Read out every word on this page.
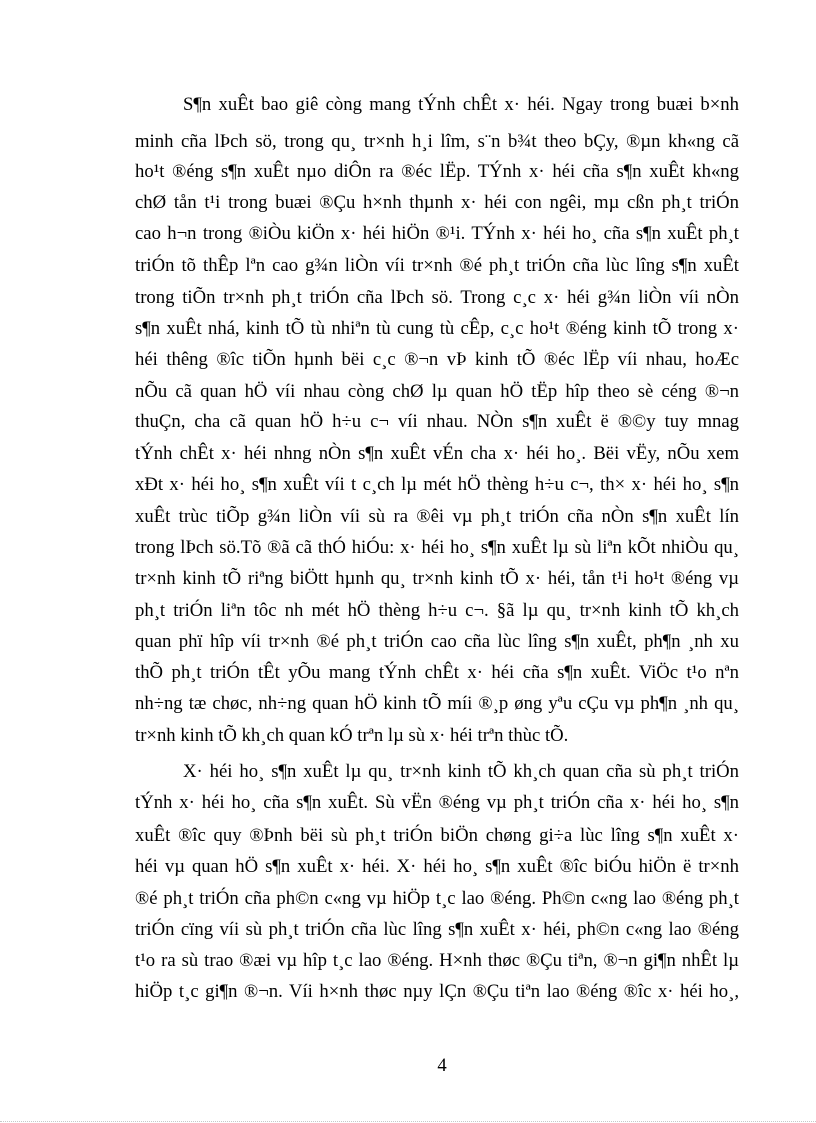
S¶n xuÊt bao giê còng mang tÝnh chÊt x· héi. Ngay trong buæi b×nh
minh cña lÞch sö, trong qu¸ tr×nh h¸i lîm, s¨n b¾t theo bÇy, ®µn kh«ng cã
ho¹t ®éng s¶n xuÊt nµo diÔn ra ®éc lËp. TÝnh x· héi cña s¶n xuÊt kh«ng
chØ tån t¹i trong buæi ®Çu h×nh thµnh x· héi con ngêi, mµ cßn ph¸t triÓn
cao h¬n trong ®iÒu kiÖn x· héi hiÖn ®¹i. TÝnh x· héi ho¸ cña s¶n xuÊt ph¸t
triÓn tõ thÊp lªn cao g¾n liÒn víi tr×nh ®é ph¸t triÓn cña lùc lîng s¶n xuÊt
trong tiÕn tr×nh ph¸t triÓn cña lÞch sö. Trong c¸c x· héi g¾n liÒn víi nÒn
s¶n xuÊt nhá, kinh tÕ tù nhiªn tù cung tù cÊp, c¸c ho¹t ®éng kinh tÕ trong x·
héi thêng ®îc tiÕn hµnh bëi c¸c ®¬n vÞ kinh tÕ ®éc lËp víi nhau, hoÆc
nÕu cã quan hÖ víi nhau còng chØ lµ quan hÖ tËp hîp theo sè céng ®¬n
thuÇn, cha cã quan hÖ h÷u c¬ víi nhau. NÒn s¶n xuÊt ë ®©y tuy mnag
tÝnh chÊt x· héi nhng nÒn s¶n xuÊt vÉn cha x· héi ho¸. Bëi vËy, nÕu xem
xÐt x· héi ho¸ s¶n xuÊt víi t c¸ch lµ mét hÖ thèng h÷u c¬, th× x· héi ho¸ s¶n
xuÊt trùc tiÕp g¾n liÒn víi sù ra ®êi vµ ph¸t triÓn cña nÒn s¶n xuÊt lín
trong lÞch sö.Tõ ®ã cã thÓ hiÓu: x· héi ho¸ s¶n xuÊt lµ sù liªn kÕt nhiÒu qu¸
tr×nh kinh tÕ riªng biÖtt hµnh qu¸ tr×nh kinh tÕ x· héi, tån t¹i ho¹t ®éng vµ
ph¸t triÓn liªn tôc nh mét hÖ thèng h÷u c¬. §ã lµ qu¸ tr×nh kinh tÕ kh¸ch
quan phï hîp víi tr×nh ®é ph¸t triÓn cao cña lùc lîng s¶n xuÊt, ph¶n ¸nh xu
thÕ ph¸t triÓn tÊt yÕu mang tÝnh chÊt x· héi cña s¶n xuÊt. ViÖc t¹o nªn
nh÷ng tæ chøc, nh÷ng quan hÖ kinh tÕ míi ®¸p øng yªu cÇu vµ ph¶n ¸nh qu¸
tr×nh kinh tÕ kh¸ch quan kÓ trªn lµ sù x· héi trªn thùc tÕ.
X· héi ho¸ s¶n xuÊt lµ qu¸ tr×nh kinh tÕ kh¸ch quan cña sù ph¸t triÓn
tÝnh x· héi ho¸ cña s¶n xuÊt. Sù vËn ®éng vµ ph¸t triÓn cña x· héi ho¸ s¶n
xuÊt ®îc quy ®Þnh bëi sù ph¸t triÓn biÖn chøng gi÷a lùc lîng s¶n xuÊt x·
héi vµ quan hÖ s¶n xuÊt x· héi. X· héi ho¸ s¶n xuÊt ®îc biÓu hiÖn ë tr×nh
®é ph¸t triÓn cña ph©n c«ng vµ hiÖp t¸c lao ®éng. Ph©n c«ng lao ®éng ph¸t
triÓn cïng víi sù ph¸t triÓn cña lùc lîng s¶n xuÊt x· héi, ph©n c«ng lao ®éng
t¹o ra sù trao ®æi vµ hîp t¸c lao ®éng. H×nh thøc ®Çu tiªn, ®¬n gi¶n nhÊt lµ
hiÖp t¸c gi¶n ®¬n. Víi h×nh thøc nµy lÇn ®Çu tiªn lao ®éng ®îc x· héi ho¸,
4
